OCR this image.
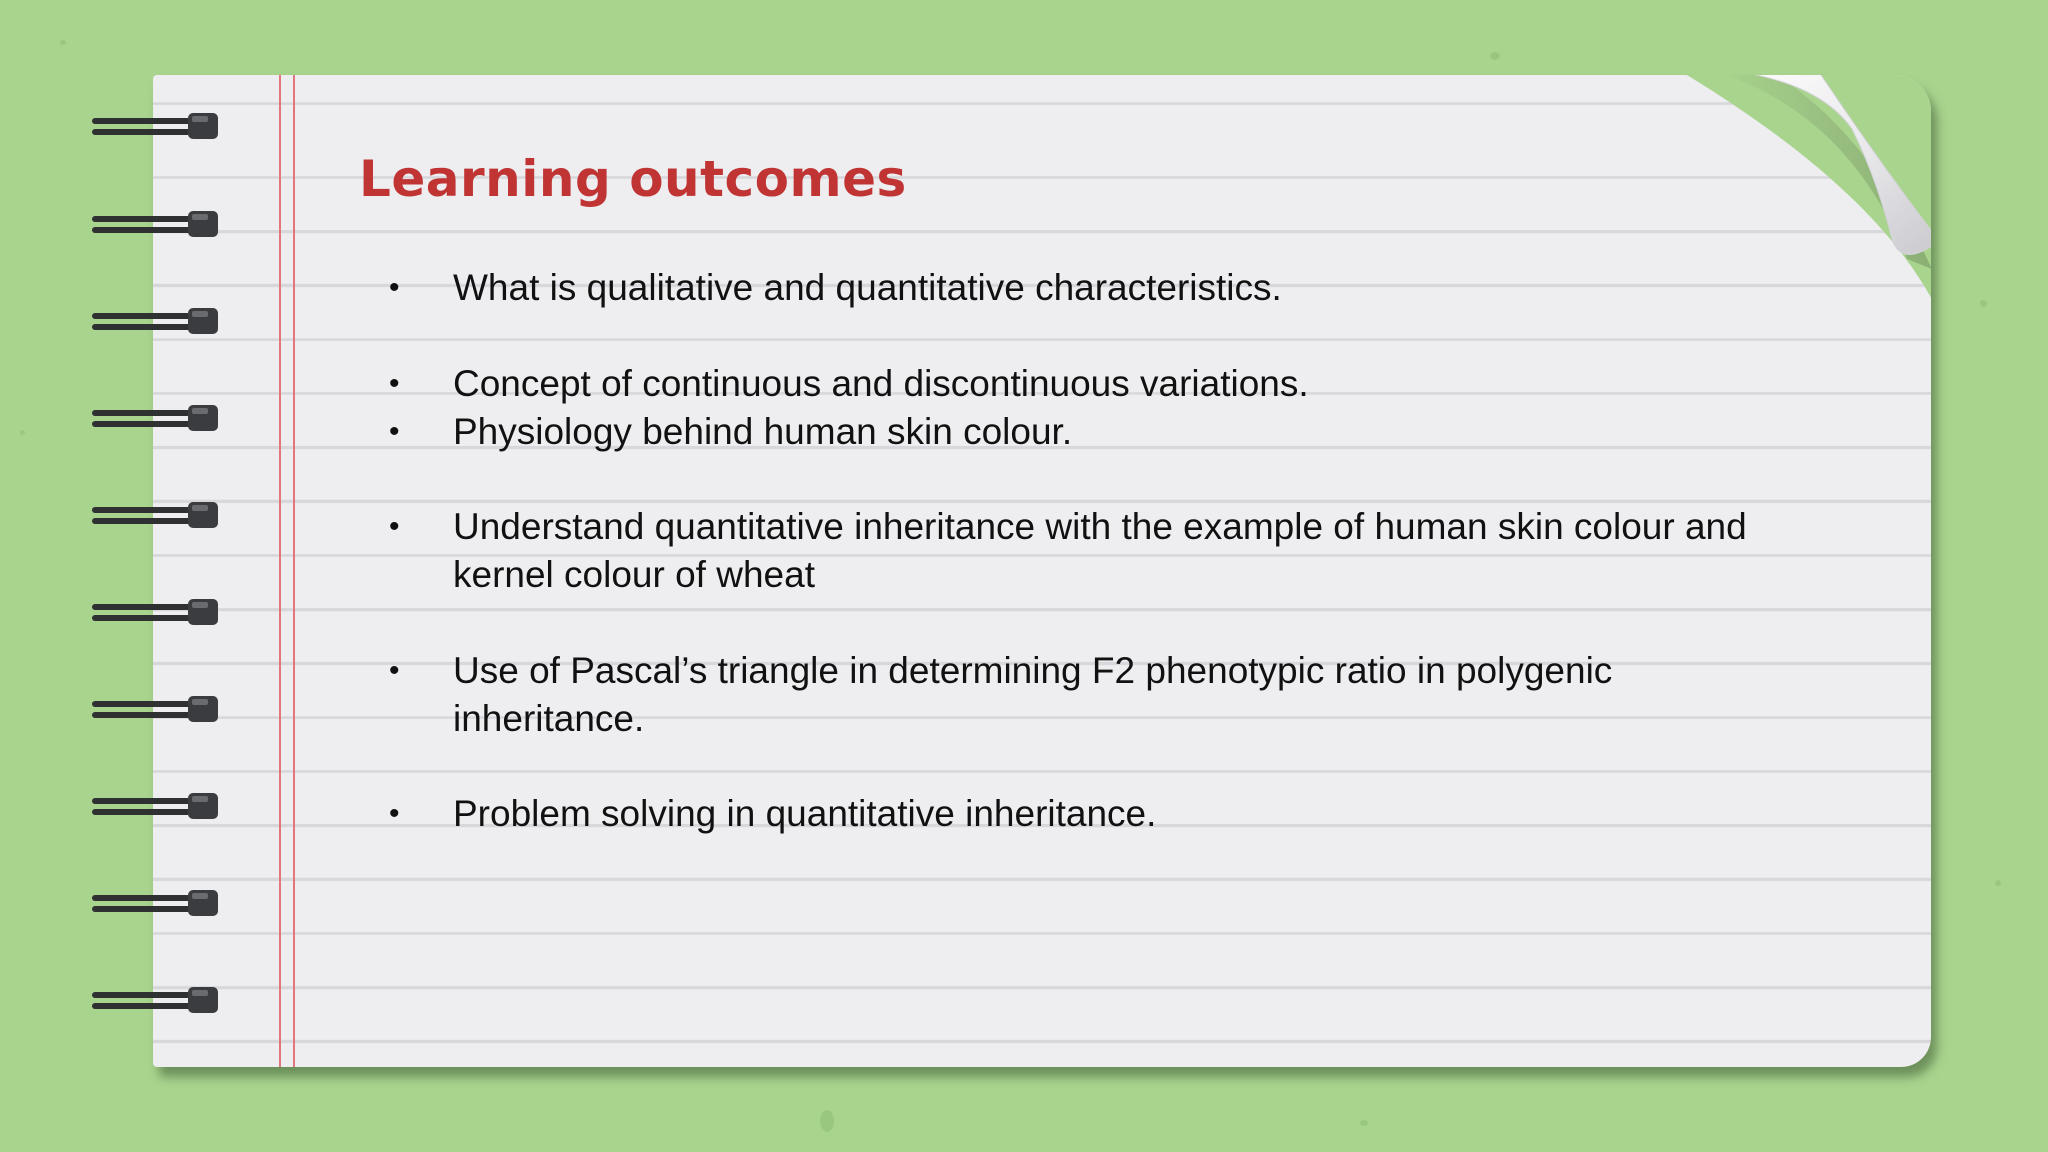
Learning outcomes
• What is qualitative and quantitative characteristics.
• Concept of continuous and discontinuous variations.
• Physiology behind human skin colour.
• Understand quantitative inheritance with the example of human skin colour and kernel colour of wheat
• Use of Pascal’s triangle in determining F2 phenotypic ratio in polygenic inheritance.
• Problem solving in quantitative inheritance.
